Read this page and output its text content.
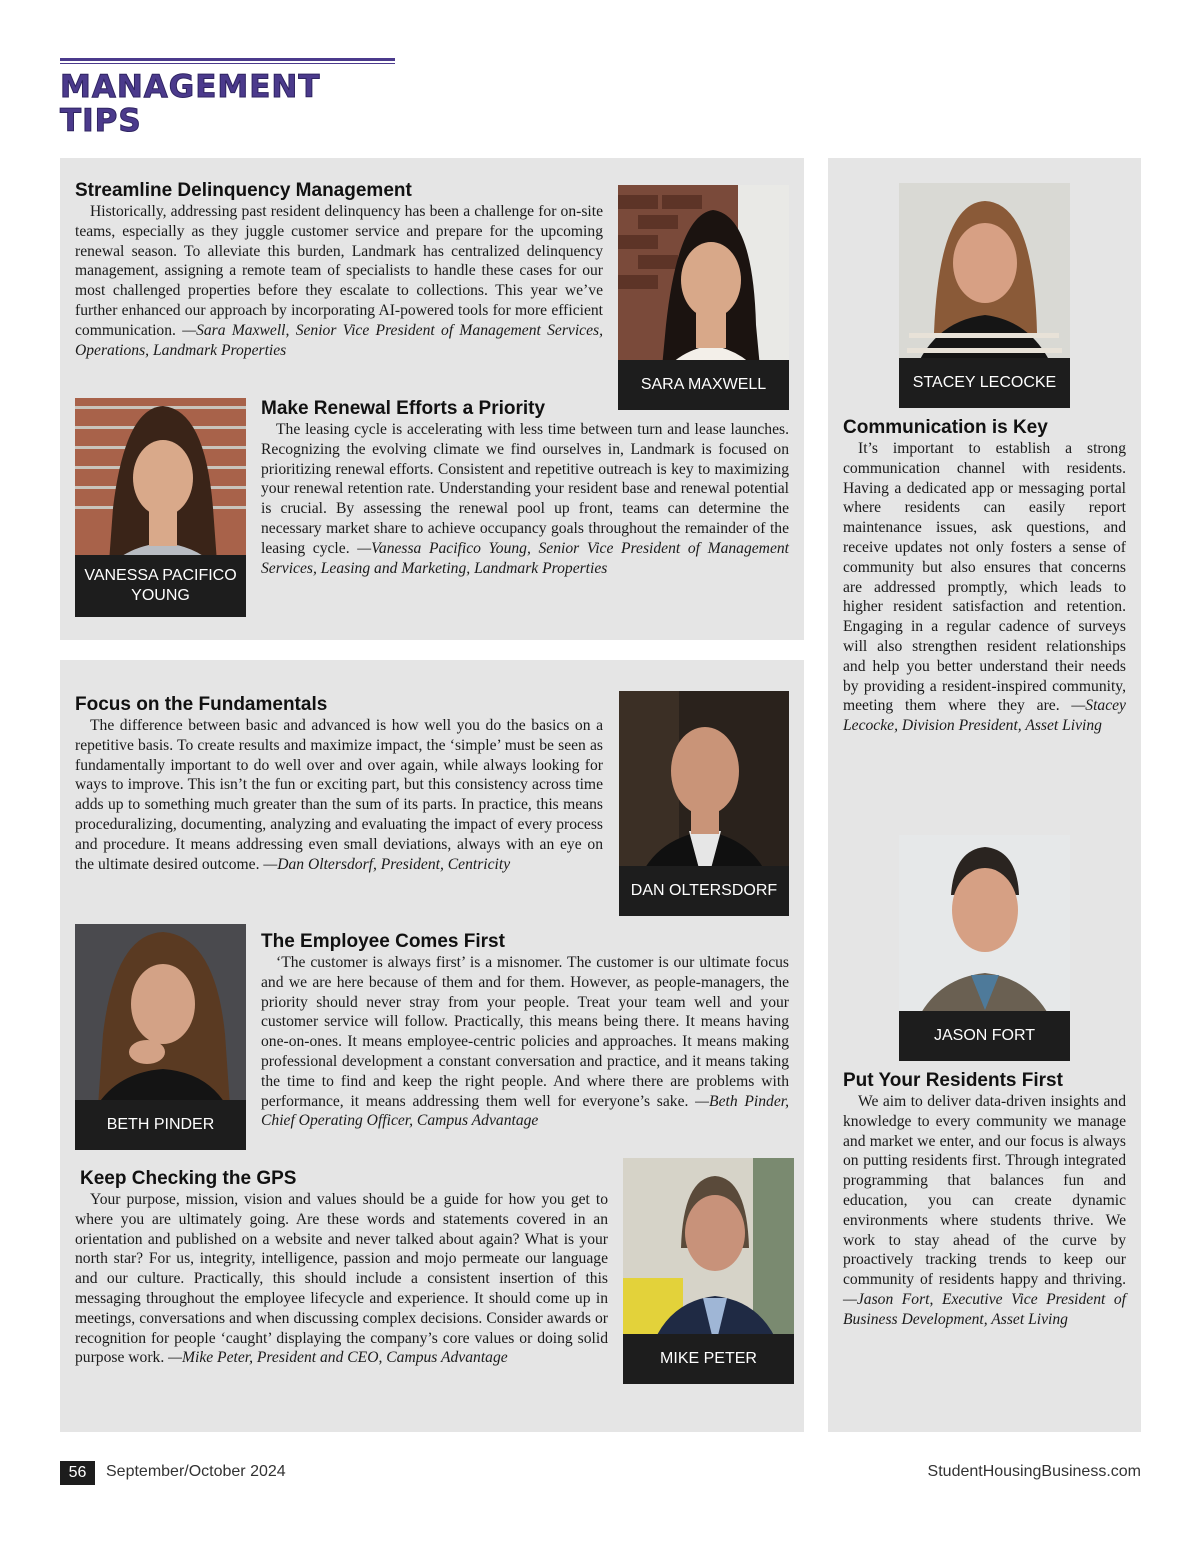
MANAGEMENT TIPS
Streamline Delinquency Management

Historically, addressing past resident delinquency has been a challenge for on-site teams, especially as they juggle customer service and prepare for the upcoming renewal season. To alleviate this burden, Landmark has centralized delinquency management, assigning a remote team of specialists to handle these cases for our most challenged properties before they escalate to collections. This year we’ve further enhanced our approach by incorporating AI-powered tools for more efficient communication. —Sara Maxwell, Senior Vice President of Management Services, Operations, Landmark Properties

SARA MAXWELL
VANESSA PACIFICO YOUNG
Make Renewal Efforts a Priority

The leasing cycle is accelerating with less time between turn and lease launches. Recognizing the evolving climate we find ourselves in, Landmark is focused on prioritizing renewal efforts. Consistent and repetitive outreach is key to maximizing your renewal retention rate. Understanding your resident base and renewal potential is crucial. By assessing the renewal pool up front, teams can determine the necessary market share to achieve occupancy goals throughout the remainder of the leasing cycle. —Vanessa Pacifico Young, Senior Vice President of Management Services, Leasing and Marketing, Landmark Properties

Focus on the Fundamentals

The difference between basic and advanced is how well you do the basics on a repetitive basis. To create results and maximize impact, the ‘simple’ must be seen as fundamentally important to do well over and over again, while always looking for ways to improve. This isn’t the fun or exciting part, but this consistency across time adds up to something much greater than the sum of its parts. In practice, this means proceduralizing, documenting, analyzing and evaluating the impact of every process and procedure. It means addressing even small deviations, always with an eye on the ultimate desired outcome. —Dan Oltersdorf, President, Centricity

DAN OLTERSDORF
BETH PINDER
The Employee Comes First

‘The customer is always first’ is a misnomer. The customer is our ultimate focus and we are here because of them and for them. However, as people-managers, the priority should never stray from your people. Treat your team well and your customer service will follow. Practically, this means being there. It means having one-on-ones. It means employee-centric policies and approaches. It means making professional development a constant conversation and practice, and it means taking the time to find and keep the right people. And where there are problems with performance, it means addressing them well for everyone’s sake. —Beth Pinder, Chief Operating Officer, Campus Advantage

Keep Checking the GPS

Your purpose, mission, vision and values should be a guide for how you get to where you are ultimately going. Are these words and statements covered in an orientation and published on a website and never talked about again? What is your north star? For us, integrity, intelligence, passion and mojo permeate our language and our culture. Practically, this should include a consistent insertion of this messaging throughout the employee lifecycle and experience. It should come up in meetings, conversations and when discussing complex decisions. Consider awards or recognition for people ‘caught’ displaying the company’s core values or doing solid purpose work. —Mike Peter, President and CEO, Campus Advantage	MIKE PETER
STACEY LECOCKE
Communication is Key

It’s important to establish a strong communication channel with residents. Having a dedicated app or messaging portal where residents can easily report maintenance issues, ask questions, and receive updates not only fosters a sense of community but also ensures that concerns are addressed promptly, which leads to higher resident satisfaction and retention. Engaging in a regular cadence of surveys will also strengthen resident relationships and help you better understand their needs by providing a resident-inspired community, meeting them where they are. —Stacey Lecocke, Division President, Asset Living

JASON FORT
Put Your Residents First

We aim to deliver data-driven insights and knowledge to every community we manage and market we enter, and our focus is always on putting residents first. Through integrated programming that balances fun and education, you can create dynamic environments where students thrive. We work to stay ahead of the curve by proactively tracking trends to keep our community of residents happy and thriving. —Jason Fort, Executive Vice President of Business Development, Asset Living

56	September/October 2024	StudentHousingBusiness.com
